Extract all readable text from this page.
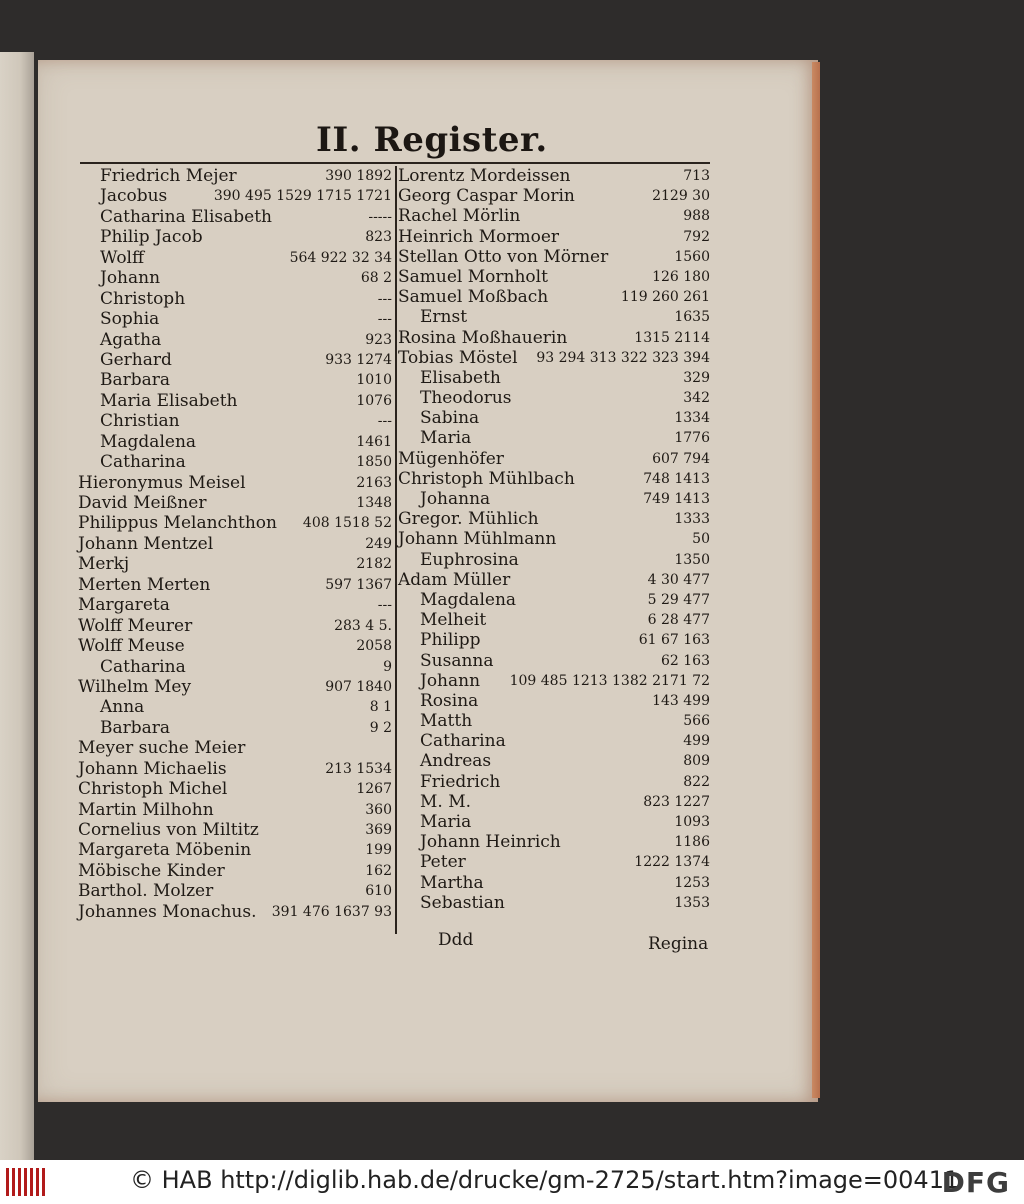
II. Register.
Friedrich Mejer	390 1892
Jacobus	390 495 1529 1715 1721
Catharina Elisabeth	-----
Philip Jacob	823
Wolff	564 922 32 34
Johann	68 2
Christoph	---
Sophia	---
Agatha	923
Gerhard	933 1274
Barbara	1010
Maria Elisabeth	1076
Christian	---
Magdalena	1461
Catharina	1850
Hieronymus Meisel	2163
David Meißner	1348
Philippus Melanchthon 408 1518 52
Johann Mentzel	249
Merkj	2182
Merten Merten	597 1367
Margareta	---
Wolff Meurer	283 4 5.
Wolff Meuse	2058
Catharina	9
Wilhelm Mey	907 1840
Anna	8 1
Barbara	9 2
Meyer suche Meier
Johann Michaelis	213 1534
Christoph Michel	1267
Martin Milhohn	360
Cornelius von Miltitz	369
Margareta Möbenin	199
Möbische Kinder	162
Barthol. Molzer	610
Johannes Monachus. 391 476 1637 93
Lorentz Mordeissen	713
Georg Caspar Morin	2129 30
Rachel Mörlin	988
Heinrich Mormoer	792
Stellan Otto von Mörner	1560
Samuel Mornholt	126 180
Samuel Moßbach	119 260 261
Ernst	1635
Rosina Moßhauerin	1315 2114
Tobias Möstel 93 294 313 322 323 394
Elisabeth	329
Theodorus	342
Sabina	1334
Maria	1776
Mügenhöfer	607 794
Christoph Mühlbach	748 1413
Johanna	749 1413
Gregor. Mühlich	1333
Johann Mühlmann	50
Euphrosina	1350
Adam Müller	4 30 477
Magdalena	5 29 477
Melheit	6 28 477
Philipp	61 67 163
Susanna	62 163
Johann 109 485 1213 1382 2171 72
Rosina	143 499
Matth	566
Catharina	499
Andreas	809
Friedrich	822
M. M.	823 1227
Maria	1093
Johann Heinrich	1186
Peter	1222 1374
Martha	1253
Sebastian	1353
Ddd	Regina
© HAB http://diglib.hab.de/drucke/gm-2725/start.htm?image=00411
DFG
